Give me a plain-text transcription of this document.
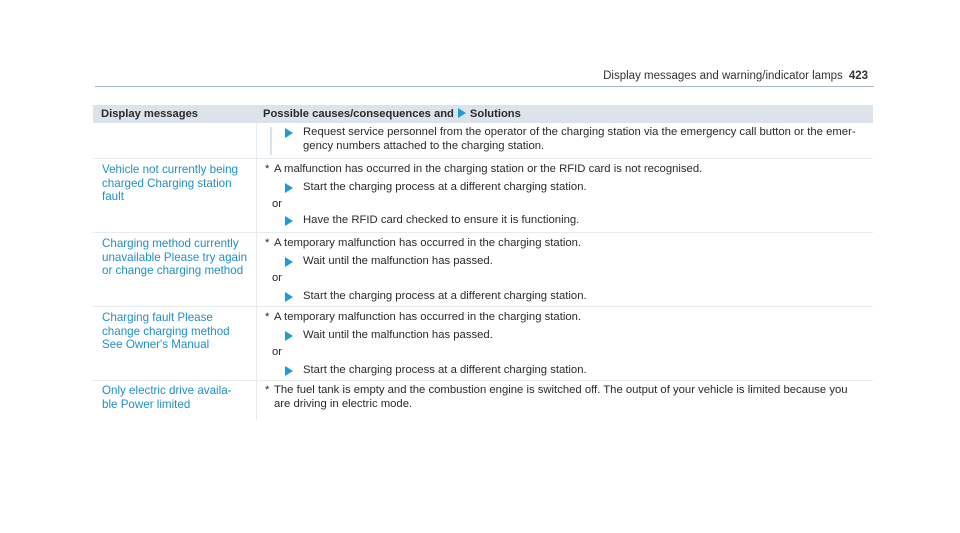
Display messages and warning/indicator lamps 423
Display messages	Possible causes/consequences and Solutions
Request service personnel from the operator of the charging station via the emergency call button or the emer-
gency numbers attached to the charging station.
Vehicle not currently being charged Charging station fault
* A malfunction has occurred in the charging station or the RFID card is not recognised.
Start the charging process at a different charging station.
or
Have the RFID card checked to ensure it is functioning.
Charging method currently unavailable Please try again or change charging method
* A temporary malfunction has occurred in the charging station.
Wait until the malfunction has passed.
or
Start the charging process at a different charging station.
Charging fault Please change charging method See Owner's Manual
* A temporary malfunction has occurred in the charging station.
Wait until the malfunction has passed.
or
Start the charging process at a different charging station.
Only electric drive availa- ble Power limited
* The fuel tank is empty and the combustion engine is switched off. The output of your vehicle is limited because you
are driving in electric mode.
